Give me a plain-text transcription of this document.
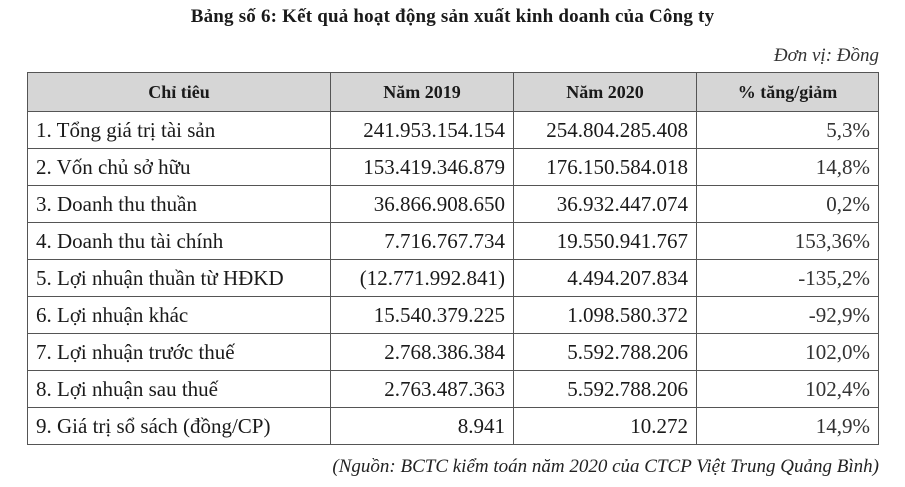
Bảng số 6: Kết quả hoạt động sản xuất kinh doanh của Công ty
Đơn vị: Đồng
Chỉ tiêu	Năm 2019	Năm 2020	% tăng/giảm
1. Tổng giá trị tài sản	241.953.154.154	254.804.285.408	5,3%
2. Vốn chủ sở hữu	153.419.346.879	176.150.584.018	14,8%
3. Doanh thu thuần	36.866.908.650	36.932.447.074	0,2%
4. Doanh thu tài chính	7.716.767.734	19.550.941.767	153,36%
5. Lợi nhuận thuần từ HĐKD	(12.771.992.841)	4.494.207.834	-135,2%
6. Lợi nhuận khác	15.540.379.225	1.098.580.372	-92,9%
7. Lợi nhuận trước thuế	2.768.386.384	5.592.788.206	102,0%
8. Lợi nhuận sau thuế	2.763.487.363	5.592.788.206	102,4%
9. Giá trị sổ sách (đồng/CP)	8.941	10.272	14,9%
(Nguồn: BCTC kiểm toán năm 2020 của CTCP Việt Trung Quảng Bình)
